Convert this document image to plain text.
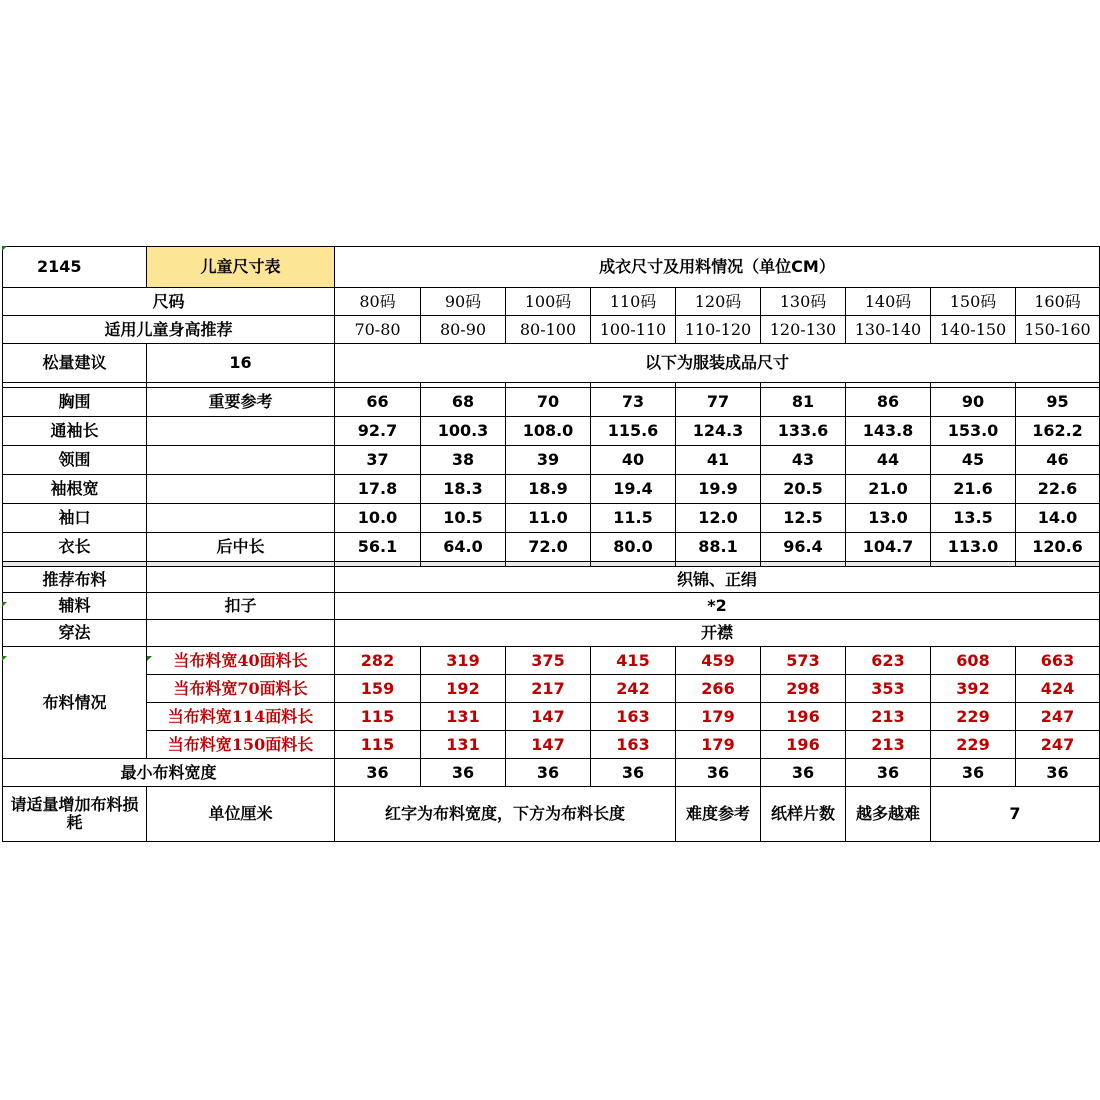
2145	儿童尺寸表	成衣尺寸及用料情况（单位CM）								
尺码		80码	90码	100码	110码	120码	130码	140码	150码	160码
适用儿童身高推荐		70-80	80-90	80-100	100-110	110-120	120-130	130-140	140-150	150-160
松量建议	16	以下为服装成品尺寸								

胸围	重要参考	66	68	70	73	77	81	86	90	95
通袖长		92.7	100.3	108.0	115.6	124.3	133.6	143.8	153.0	162.2
领围		37	38	39	40	41	43	44	45	46
袖根宽		17.8	18.3	18.9	19.4	19.9	20.5	21.0	21.6	22.6
袖口		10.0	10.5	11.0	11.5	12.0	12.5	13.0	13.5	14.0
衣长	后中长	56.1	64.0	72.0	80.0	88.1	96.4	104.7	113.0	120.6

推荐布料		织锦、正绢								
辅料	扣子	*2								
穿法		开襟								
布料情况	当布料宽40面料长	282	319	375	415	459	573	623	608	663
	当布料宽70面料长	159	192	217	242	266	298	353	392	424
	当布料宽114面料长	115	131	147	163	179	196	213	229	247
	当布料宽150面料长	115	131	147	163	179	196	213	229	247
最小布料宽度		36	36	36	36	36	36	36	36	36
请适量增加布料损耗	单位厘米	红字为布料宽度，下方为布料长度				难度参考	纸样片数	越多越难	7	
